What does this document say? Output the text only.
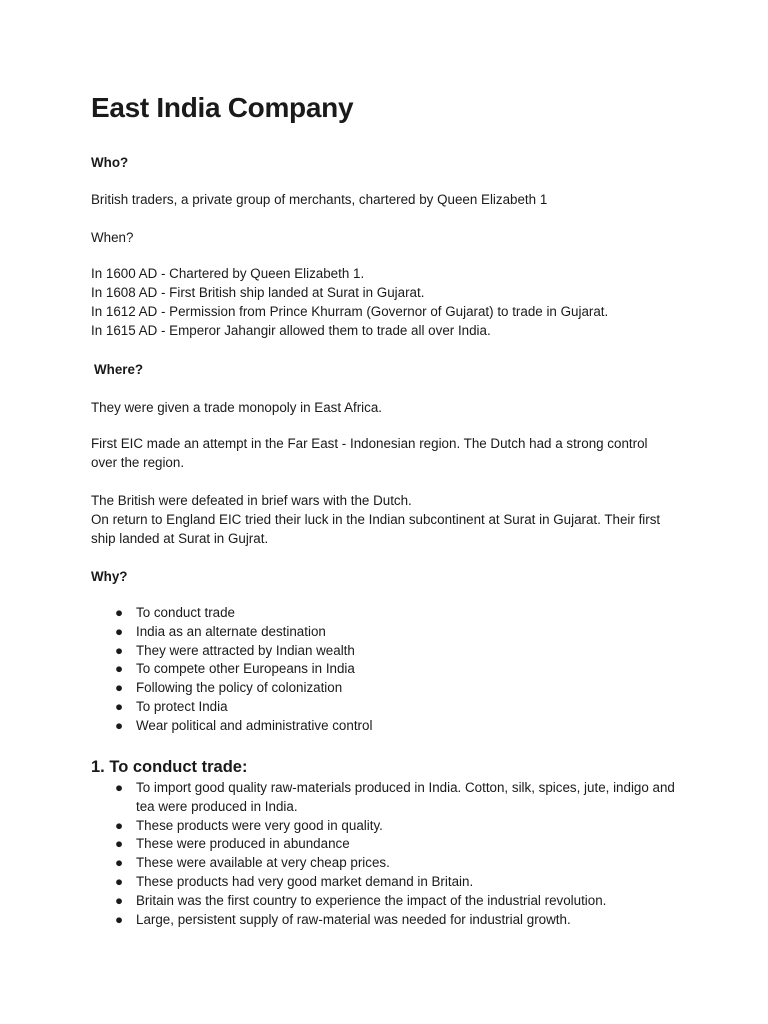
East India Company

Who?

British traders, a private group of merchants, chartered by Queen Elizabeth 1

When?

In 1600 AD - Chartered by Queen Elizabeth 1.
In 1608 AD - First British ship landed at Surat in Gujarat.
In 1612 AD - Permission from Prince Khurram (Governor of Gujarat) to trade in Gujarat.
In 1615 AD - Emperor Jahangir allowed them to trade all over India.

Where?

They were given a trade monopoly in East Africa.

First EIC made an attempt in the Far East - Indonesian region. The Dutch had a strong control
over the region.
The British were defeated in brief wars with the Dutch.
On return to England EIC tried their luck in the Indian subcontinent at Surat in Gujarat. Their first
ship landed at Surat in Gujrat.

Why?

● To conduct trade
● India as an alternate destination
● They were attracted by Indian wealth
● To compete other Europeans in India
● Following the policy of colonization
● To protect India
● Wear political and administrative control
1. To conduct trade:
● To import good quality raw-materials produced in India. Cotton, silk, spices, jute, indigo and tea were produced in India.
● These products were very good in quality.
● These were produced in abundance
● These were available at very cheap prices.
● These products had very good market demand in Britain.
● Britain was the first country to experience the impact of the industrial revolution.
● Large, persistent supply of raw-material was needed for industrial growth.
